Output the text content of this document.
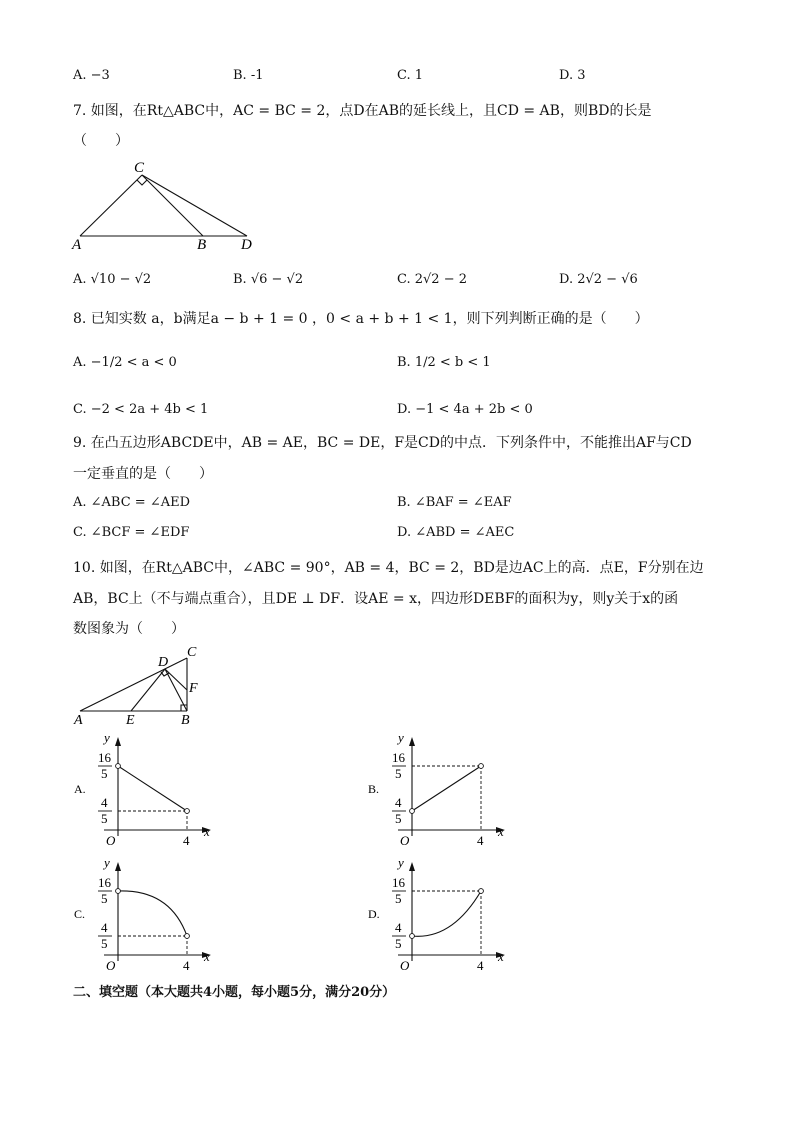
A. −3	B. -1	C. 1	D. 3
7. 如图，在Rt△ABC中，AC = BC = 2，点D在AB的延长线上，且CD = AB，则BD的长是
（　　）
C
A	B D
A. √10 − √2	B. √6 − √2	C. 2√2 − 2	D. 2√2 − √6
8. 已知实数 a，b满足a − b + 1 = 0 ，0 < a + b + 1 < 1，则下列判断正确的是（　　）
A. −1/2 < a < 0	B. 1/2 < b < 1
C. −2 < 2a + 4b < 1	D. −1 < 4a + 2b < 0
9. 在凸五边形ABCDE中，AB = AE，BC = DE，F是CD的中点．下列条件中，不能推出AF与CD
一定垂直的是（　　）
A. ∠ABC = ∠AED	B. ∠BAF = ∠EAF
C. ∠BCF = ∠EDF	D. ∠ABD = ∠AEC
10. 如图，在Rt△ABC中，∠ABC = 90°，AB = 4，BC = 2，BD是边AC上的高．点E，F分别在边
AB，BC上（不与端点重合），且DE ⊥ DF．设AE = x，四边形DEBF的面积为y，则y关于x的函
数图象为（　　）
D
C
F
A	E	B
A.
y
x
O	4
16
5
4
5
B.
y
x
O	4
16
5
4
5
C.
y
x
O	4
16
5
4
5
D.
y
x
O	4
16
5
4
5
二、填空题（本大题共4小题，每小题5分，满分20分）
